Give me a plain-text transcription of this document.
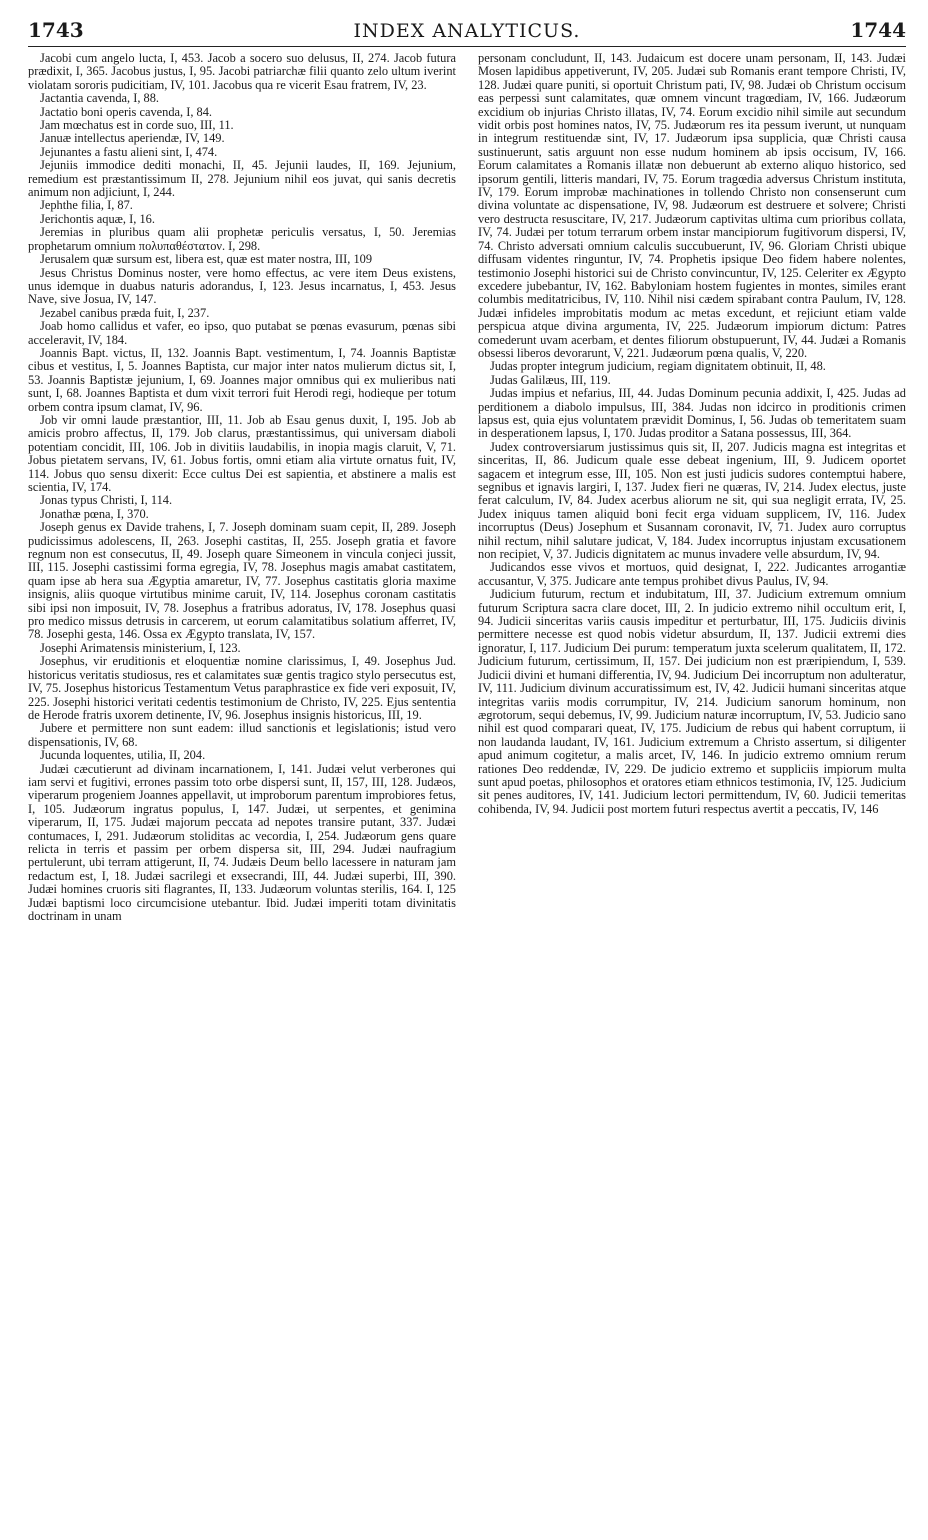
1743	INDEX ANALYTICUS.	1744

Jacobi cum angelo lucta, I, 453. Jacob a socero suo delusus, II, 274. Jacob futura prædixit, I, 365. Jacobus justus, I, 95. Jacobi patriarchæ filii quanto zelo ultum iverint violatam sororis pudicitiam, IV, 101. Jacobus qua re vicerit Esau fratrem, IV, 23.

Jactantia cavenda, I, 88.

Jactatio boni operis cavenda, I, 84.

Jam mœchatus est in corde suo, III, 11.

Januæ intellectus aperiendæ, IV, 149.

Jejunantes a fastu alieni sint, I, 474.

Jejuniis immodice dediti monachi, II, 45. Jejunii laudes, II, 169. Jejunium, remedium est præstantissimum II, 278. Jejunium nihil eos juvat, qui sanis decretis animum non adjiciunt, I, 244.

Jephthe filia, I, 87.

Jerichontis aquæ, I, 16.

Jeremias in pluribus quam alii prophetæ periculis versatus, I, 50. Jeremias prophetarum omnium πολυπαθέστατον. I, 298.

Jerusalem quæ sursum est, libera est, quæ est mater nostra, III, 109

Jesus Christus Dominus noster, vere homo effectus, ac vere item Deus existens, unus idemque in duabus naturis adorandus, I, 123. Jesus incarnatus, I, 453. Jesus Nave, sive Josua, IV, 147.

Jezabel canibus præda fuit, I, 237.

Joab homo callidus et vafer, eo ipso, quo putabat se pœnas evasurum, pœnas sibi acceleravit, IV, 184.

Joannis Bapt. victus, II, 132. Joannis Bapt. vestimentum, I, 74. Joannis Baptistæ cibus et vestitus, I, 5. Joannes Baptista, cur major inter natos mulierum dictus sit, I, 53. Joannis Baptistæ jejunium, I, 69. Joannes major omnibus qui ex mulieribus nati sunt, I, 68. Joannes Baptista et dum vixit terrori fuit Herodi regi, hodieque per totum orbem contra ipsum clamat, IV, 96.

Job vir omni laude præstantior, III, 11. Job ab Esau genus duxit, I, 195. Job ab amicis probro affectus, II, 179. Job clarus, præstantissimus, qui universam diaboli potentiam concidit, III, 106. Job in divitiis laudabilis, in inopia magis claruit, V, 71. Jobus pietatem servans, IV, 61. Jobus fortis, omni etiam alia virtute ornatus fuit, IV, 114. Jobus quo sensu dixerit: Ecce cultus Dei est sapientia, et abstinere a malis est scientia, IV, 174.

Jonas typus Christi, I, 114.

Jonathæ pœna, I, 370.

Joseph genus ex Davide trahens, I, 7. Joseph dominam suam cepit, II, 289. Joseph pudicissimus adolescens, II, 263. Josephi castitas, II, 255. Joseph gratia et favore regnum non est consecutus, II, 49. Joseph quare Simeonem in vincula conjeci jussit, III, 115. Josephi castissimi forma egregia, IV, 78. Josephus magis amabat castitatem, quam ipse ab hera sua Ægyptia amaretur, IV, 77. Josephus castitatis gloria maxime insignis, aliis quoque virtutibus minime caruit, IV, 114. Josephus coronam castitatis sibi ipsi non imposuit, IV, 78. Josephus a fratribus adoratus, IV, 178. Josephus quasi pro medico missus detrusis in carcerem, ut eorum calamitatibus solatium afferret, IV, 78. Josephi gesta, 146. Ossa ex Ægypto translata, IV, 157.

Josephi Arimatensis ministerium, I, 123.

Josephus, vir eruditionis et eloquentiæ nomine clarissimus, I, 49. Josephus Jud. historicus veritatis studiosus, res et calamitates suæ gentis tragico stylo persecutus est, IV, 75. Josephus historicus Testamentum Vetus paraphrastice ex fide veri exposuit, IV, 225. Josephi historici veritati cedentis testimonium de Christo, IV, 225. Ejus sententia de Herode fratris uxorem detinente, IV, 96. Josephus insignis historicus, III, 19.

Jubere et permittere non sunt eadem: illud sanctionis et legislationis; istud vero dispensationis, IV, 68.

Jucunda loquentes, utilia, II, 204.

Judæi cæcutierunt ad divinam incarnationem, I, 141. Judæi velut verberones qui iam servi et fugitivi, errones passim toto orbe dispersi sunt, II, 157, III, 128. Judæos, viperarum progeniem Joannes appellavit, ut improborum parentum improbiores fetus, I, 105. Judæorum ingratus populus, I, 147. Judæi, ut serpentes, et genimina viperarum, II, 175. Judæi majorum peccata ad nepotes transire putant, 337. Judæi contumaces, I, 291. Judæorum stoliditas ac vecordia, I, 254. Judæorum gens quare relicta in terris et passim per orbem dispersa sit, III, 294. Judæi naufragium pertulerunt, ubi terram attigerunt, II, 74. Judæis Deum bello lacessere in naturam jam redactum est, I, 18. Judæi sacrilegi et exsecrandi, III, 44. Judæi superbi, III, 390. Judæi homines cruoris siti flagrantes, II, 133. Judæorum voluntas sterilis, 164. I, 125 Judæi baptismi loco circumcisione utebantur. Ibid. Judæi imperiti totam divinitatis doctrinam in unam

personam concludunt, II, 143. Judaicum est docere unam personam, II, 143. Judæi Mosen lapidibus appetiverunt, IV, 205. Judæi sub Romanis erant tempore Christi, IV, 128. Judæi quare puniti, si oportuit Christum pati, IV, 98. Judæi ob Christum occisum eas perpessi sunt calamitates, quæ omnem vincunt tragœdiam, IV, 166. Judæorum excidium ob injurias Christo illatas, IV, 74. Eorum excidio nihil simile aut secundum vidit orbis post homines natos, IV, 75. Judæorum res ita pessum iverunt, ut nunquam in integrum restituendæ sint, IV, 17. Judæorum ipsa supplicia, quæ Christi causa sustinuerunt, satis arguunt non esse nudum hominem ab ipsis occisum, IV, 166. Eorum calamitates a Romanis illatæ non debuerunt ab externo aliquo historico, sed ipsorum gentili, litteris mandari, IV, 75. Eorum tragœdia adversus Christum instituta, IV, 179. Eorum improbæ machinationes in tollendo Christo non consenserunt cum divina voluntate ac dispensatione, IV, 98. Judæorum est destruere et solvere; Christi vero destructa resuscitare, IV, 217. Judæorum captivitas ultima cum prioribus collata, IV, 74. Judæi per totum terrarum orbem instar mancipiorum fugitivorum dispersi, IV, 74. Christo adversati omnium calculis succubuerunt, IV, 96. Gloriam Christi ubique diffusam videntes ringuntur, IV, 74. Prophetis ipsique Deo fidem habere nolentes, testimonio Josephi historici sui de Christo convincuntur, IV, 125. Celeriter ex Ægypto excedere jubebantur, IV, 162. Babyloniam hostem fugientes in montes, similes erant columbis meditatricibus, IV, 110. Nihil nisi cædem spirabant contra Paulum, IV, 128. Judæi infideles improbitatis modum ac metas excedunt, et rejiciunt etiam valde perspicua atque divina argumenta, IV, 225. Judæorum impiorum dictum: Patres comederunt uvam acerbam, et dentes filiorum obstupuerunt, IV, 44. Judæi a Romanis obsessi liberos devorarunt, V, 221. Judæorum pœna qualis, V, 220.

Judas propter integrum judicium, regiam dignitatem obtinuit, II, 48.

Judas Galilæus, III, 119.

Judas impius et nefarius, III, 44. Judas Dominum pecunia addixit, I, 425. Judas ad perditionem a diabolo impulsus, III, 384. Judas non idcirco in proditionis crimen lapsus est, quia ejus voluntatem prævidit Dominus, I, 56. Judas ob temeritatem suam in desperationem lapsus, I, 170. Judas proditor a Satana possessus, III, 364.

Judex controversiarum justissimus quis sit, II, 207. Judicis magna est integritas et sinceritas, II, 86. Judicum quale esse debeat ingenium, III, 9. Judicem oportet sagacem et integrum esse, III, 105. Non est justi judicis sudores contemptui habere, segnibus et ignavis largiri, I, 137. Judex fieri ne quæras, IV, 214. Judex electus, juste ferat calculum, IV, 84. Judex acerbus aliorum ne sit, qui sua negligit errata, IV, 25. Judex iniquus tamen aliquid boni fecit erga viduam supplicem, IV, 116. Judex incorruptus (Deus) Josephum et Susannam coronavit, IV, 71. Judex auro corruptus nihil rectum, nihil salutare judicat, V, 184. Judex incorruptus injustam excusationem non recipiet, V, 37. Judicis dignitatem ac munus invadere velle absurdum, IV, 94.

Judicandos esse vivos et mortuos, quid designat, I, 222. Judicantes arrogantiæ accusantur, V, 375. Judicare ante tempus prohibet divus Paulus, IV, 94.

Judicium futurum, rectum et indubitatum, III, 37. Judicium extremum omnium futurum Scriptura sacra clare docet, III, 2. In judicio extremo nihil occultum erit, I, 94. Judicii sinceritas variis causis impeditur et perturbatur, III, 175. Judiciis divinis permittere necesse est quod nobis videtur absurdum, II, 137. Judicii extremi dies ignoratur, I, 117. Judicium Dei purum: temperatum juxta scelerum qualitatem, II, 172. Judicium futurum, certissimum, II, 157. Dei judicium non est præripiendum, I, 539. Judicii divini et humani differentia, IV, 94. Judicium Dei incorruptum non adulteratur, IV, 111. Judicium divinum accuratissimum est, IV, 42. Judicii humani sinceritas atque integritas variis modis corrumpitur, IV, 214. Judicium sanorum hominum, non ægrotorum, sequi debemus, IV, 99. Judicium naturæ incorruptum, IV, 53. Judicio sano nihil est quod comparari queat, IV, 175. Judicium de rebus qui habent corruptum, ii non laudanda laudant, IV, 161. Judicium extremum a Christo assertum, si diligenter apud animum cogitetur, a malis arcet, IV, 146. In judicio extremo omnium rerum rationes Deo reddendæ, IV, 229. De judicio extremo et suppliciis impiorum multa sunt apud poetas, philosophos et oratores etiam ethnicos testimonia, IV, 125. Judicium sit penes auditores, IV, 141. Judicium lectori permittendum, IV, 60. Judicii temeritas cohibenda, IV, 94. Judicii post mortem futuri respectus avertit a peccatis, IV, 146
